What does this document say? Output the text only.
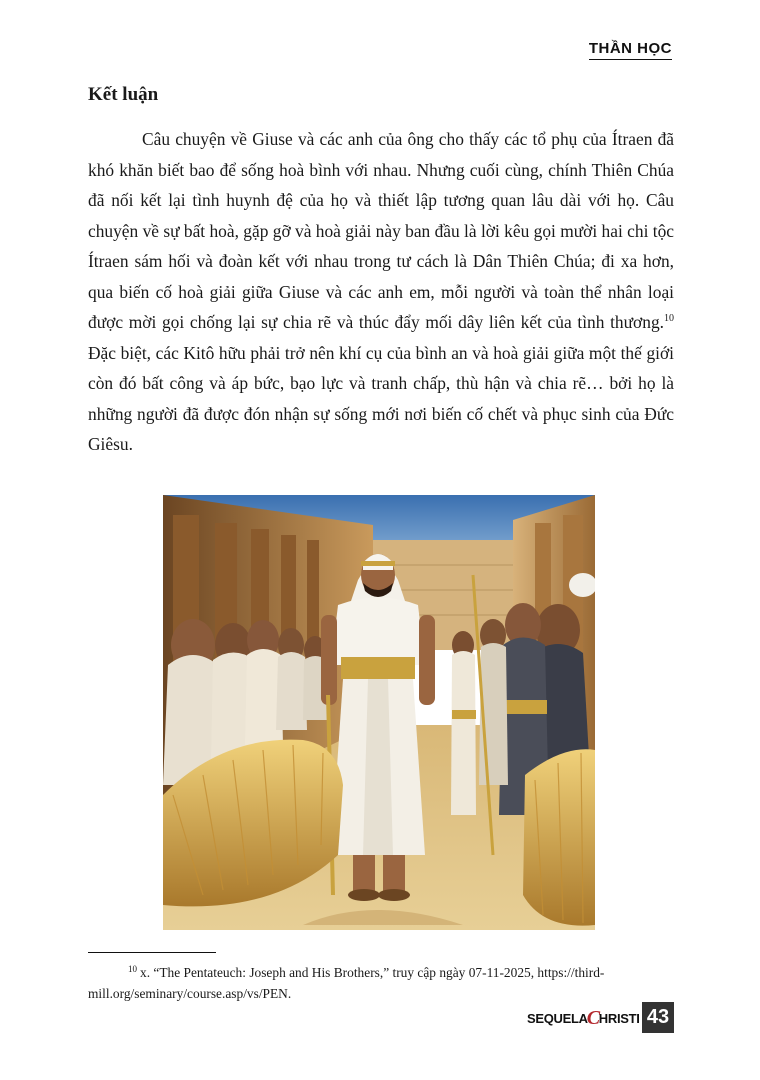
THẦN HỌC
Kết luận

Câu chuyện về Giuse và các anh của ông cho thấy các tổ phụ của Ítraen đã khó khăn biết bao để sống hoà bình với nhau. Nhưng cuối cùng, chính Thiên Chúa đã nối kết lại tình huynh đệ của họ và thiết lập tương quan lâu dài với họ. Câu chuyện về sự bất hoà, gặp gỡ và hoà giải này ban đầu là lời kêu gọi mười hai chi tộc Ítraen sám hối và đoàn kết với nhau trong tư cách là Dân Thiên Chúa; đi xa hơn, qua biến cố hoà giải giữa Giuse và các anh em, mỗi người và toàn thể nhân loại được mời gọi chống lại sự chia rẽ và thúc đẩy mối dây liên kết của tình thương.$^{10}$ Đặc biệt, các Kitô hữu phải trở nên khí cụ của bình an và hoà giải giữa một thế giới còn đó bất công và áp bức, bạo lực và tranh chấp, thù hận và chia rẽ… bởi họ là những người đã được đón nhận sự sống mới nơi biến cố chết và phục sinh của Đức Giêsu.

$^{10}$ x. “The Pentateuch: Joseph and His Brothers,” truy cập ngày 07-11-2025, https://third-mill.org/seminary/course.asp/vs/PEN.

SEQUELA C HRISTI 43
